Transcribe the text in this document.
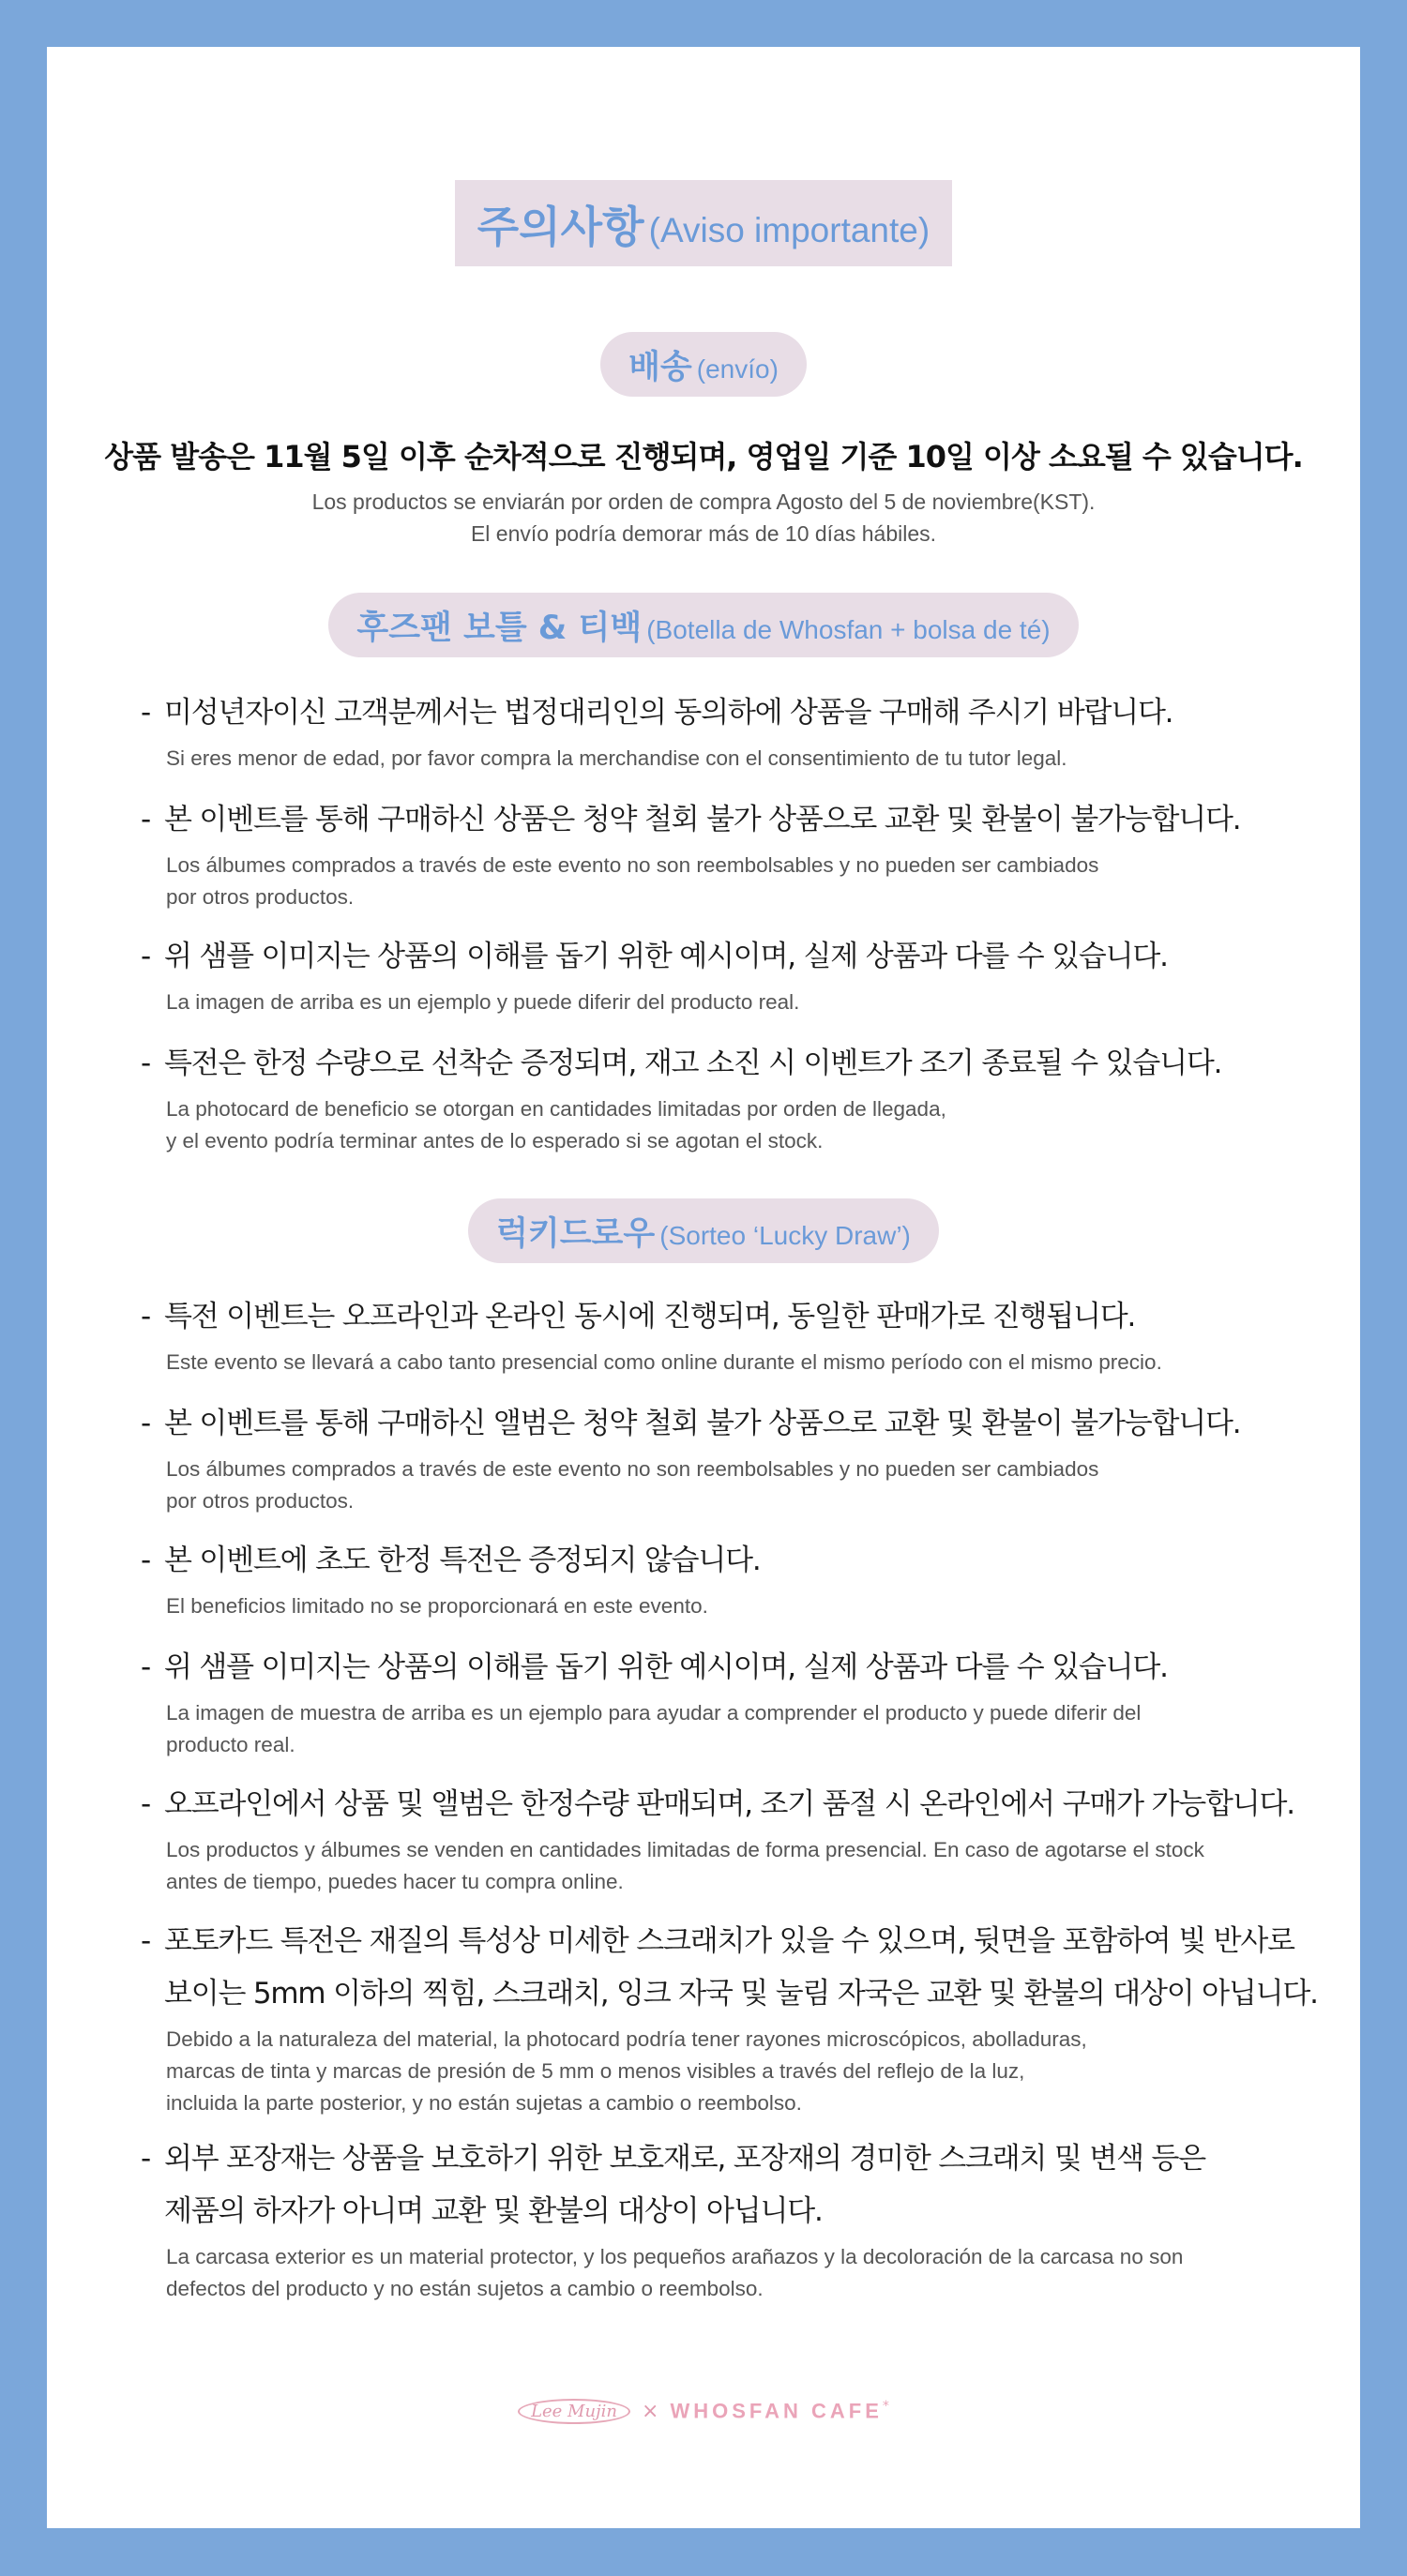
주의사항 (Aviso importante)
배송 (envío)
상품 발송은 11월 5일 이후 순차적으로 진행되며, 영업일 기준 10일 이상 소요될 수 있습니다.
Los productos se enviarán por orden de compra Agosto del 5 de noviembre(KST).
El envío podría demorar más de 10 días hábiles.
후즈팬 보틀 & 티백 (Botella de Whosfan + bolsa de té)
- 미성년자이신 고객분께서는 법정대리인의 동의하에 상품을 구매해 주시기 바랍니다.
Si eres menor de edad, por favor compra la merchandise con el consentimiento de tu tutor legal.
- 본 이벤트를 통해 구매하신 상품은 청약 철회 불가 상품으로 교환 및 환불이 불가능합니다.
Los álbumes comprados a través de este evento no son reembolsables y no pueden ser cambiados
por otros productos.
- 위 샘플 이미지는 상품의 이해를 돕기 위한 예시이며, 실제 상품과 다를 수 있습니다.
La imagen de arriba es un ejemplo y puede diferir del producto real.
- 특전은 한정 수량으로 선착순 증정되며, 재고 소진 시 이벤트가 조기 종료될 수 있습니다.
La photocard de beneficio se otorgan en cantidades limitadas por orden de llegada,
y el evento podría terminar antes de lo esperado si se agotan el stock.
럭키드로우 (Sorteo ‘Lucky Draw’)
- 특전 이벤트는 오프라인과 온라인 동시에 진행되며, 동일한 판매가로 진행됩니다.
Este evento se llevará a cabo tanto presencial como online durante el mismo período con el mismo precio.
- 본 이벤트를 통해 구매하신 앨범은 청약 철회 불가 상품으로 교환 및 환불이 불가능합니다.
Los álbumes comprados a través de este evento no son reembolsables y no pueden ser cambiados
por otros productos.
- 본 이벤트에 초도 한정 특전은 증정되지 않습니다.
El beneficios limitado no se proporcionará en este evento.
- 위 샘플 이미지는 상품의 이해를 돕기 위한 예시이며, 실제 상품과 다를 수 있습니다.
La imagen de muestra de arriba es un ejemplo para ayudar a comprender el producto y puede diferir del
producto real.
- 오프라인에서 상품 및 앨범은 한정수량 판매되며, 조기 품절 시 온라인에서 구매가 가능합니다.
Los productos y álbumes se venden en cantidades limitadas de forma presencial. En caso de agotarse el stock
antes de tiempo, puedes hacer tu compra online.
- 포토카드 특전은 재질의 특성상 미세한 스크래치가 있을 수 있으며, 뒷면을 포함하여 빛 반사로
보이는 5mm 이하의 찍힘, 스크래치, 잉크 자국 및 눌림 자국은 교환 및 환불의 대상이 아닙니다.
Debido a la naturaleza del material, la photocard podría tener rayones microscópicos, abolladuras,
marcas de tinta y marcas de presión de 5 mm o menos visibles a través del reflejo de la luz,
incluida la parte posterior, y no están sujetas a cambio o reembolso.
- 외부 포장재는 상품을 보호하기 위한 보호재로, 포장재의 경미한 스크래치 및 변색 등은
제품의 하자가 아니며 교환 및 환불의 대상이 아닙니다.
La carcasa exterior es un material protector, y los pequeños arañazos y la decoloración de la carcasa no son
defectos del producto y no están sujetos a cambio o reembolso.
Lee Mujin × WHOSFAN CAFE*
